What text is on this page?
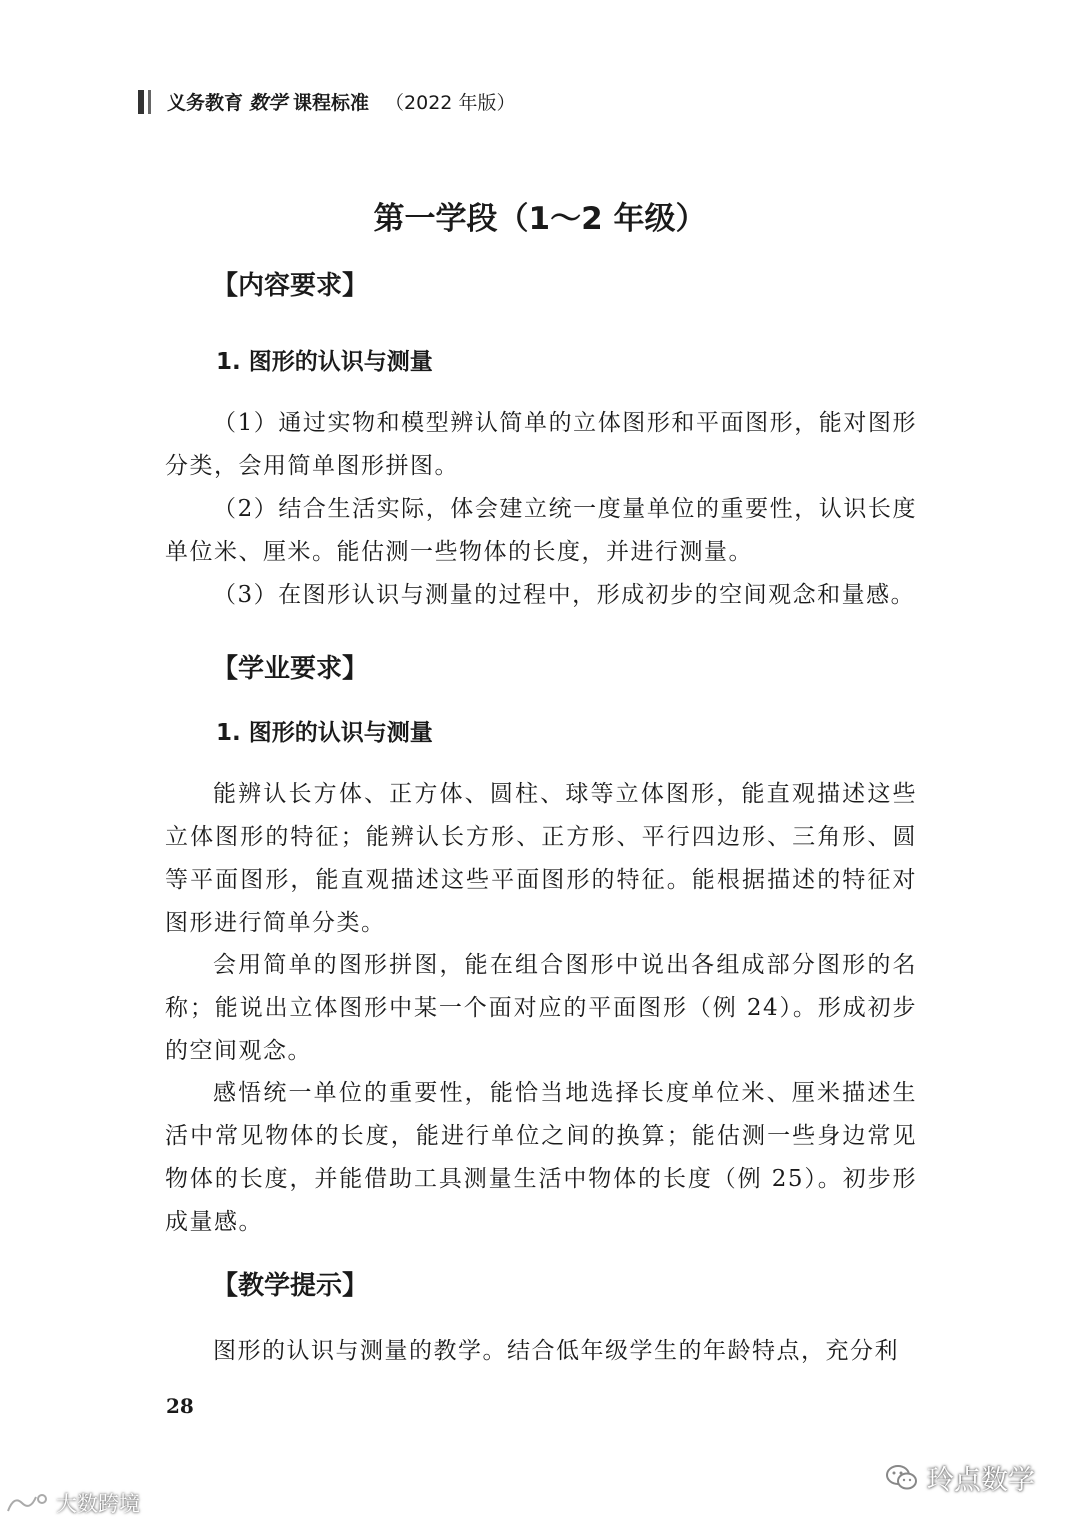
义务教育 数学 课程标准 （2022 年版）
第一学段（1～2 年级）
【内容要求】
1. 图形的认识与测量
（1）通过实物和模型辨认简单的立体图形和平面图形，能对图形分类，会用简单图形拼图。
（2）结合生活实际，体会建立统一度量单位的重要性，认识长度单位米、厘米。能估测一些物体的长度，并进行测量。
（3）在图形认识与测量的过程中，形成初步的空间观念和量感。
【学业要求】
1. 图形的认识与测量
能辨认长方体、正方体、圆柱、球等立体图形，能直观描述这些立体图形的特征；能辨认长方形、正方形、平行四边形、三角形、圆等平面图形，能直观描述这些平面图形的特征。能根据描述的特征对图形进行简单分类。
会用简单的图形拼图，能在组合图形中说出各组成部分图形的名称；能说出立体图形中某一个面对应的平面图形（例 24）。形成初步的空间观念。
感悟统一单位的重要性，能恰当地选择长度单位米、厘米描述生活中常见物体的长度，能进行单位之间的换算；能估测一些身边常见物体的长度，并能借助工具测量生活中物体的长度（例 25）。初步形成量感。
【教学提示】
图形的认识与测量的教学。结合低年级学生的年龄特点，充分利
28
玲点数学
大数跨境
